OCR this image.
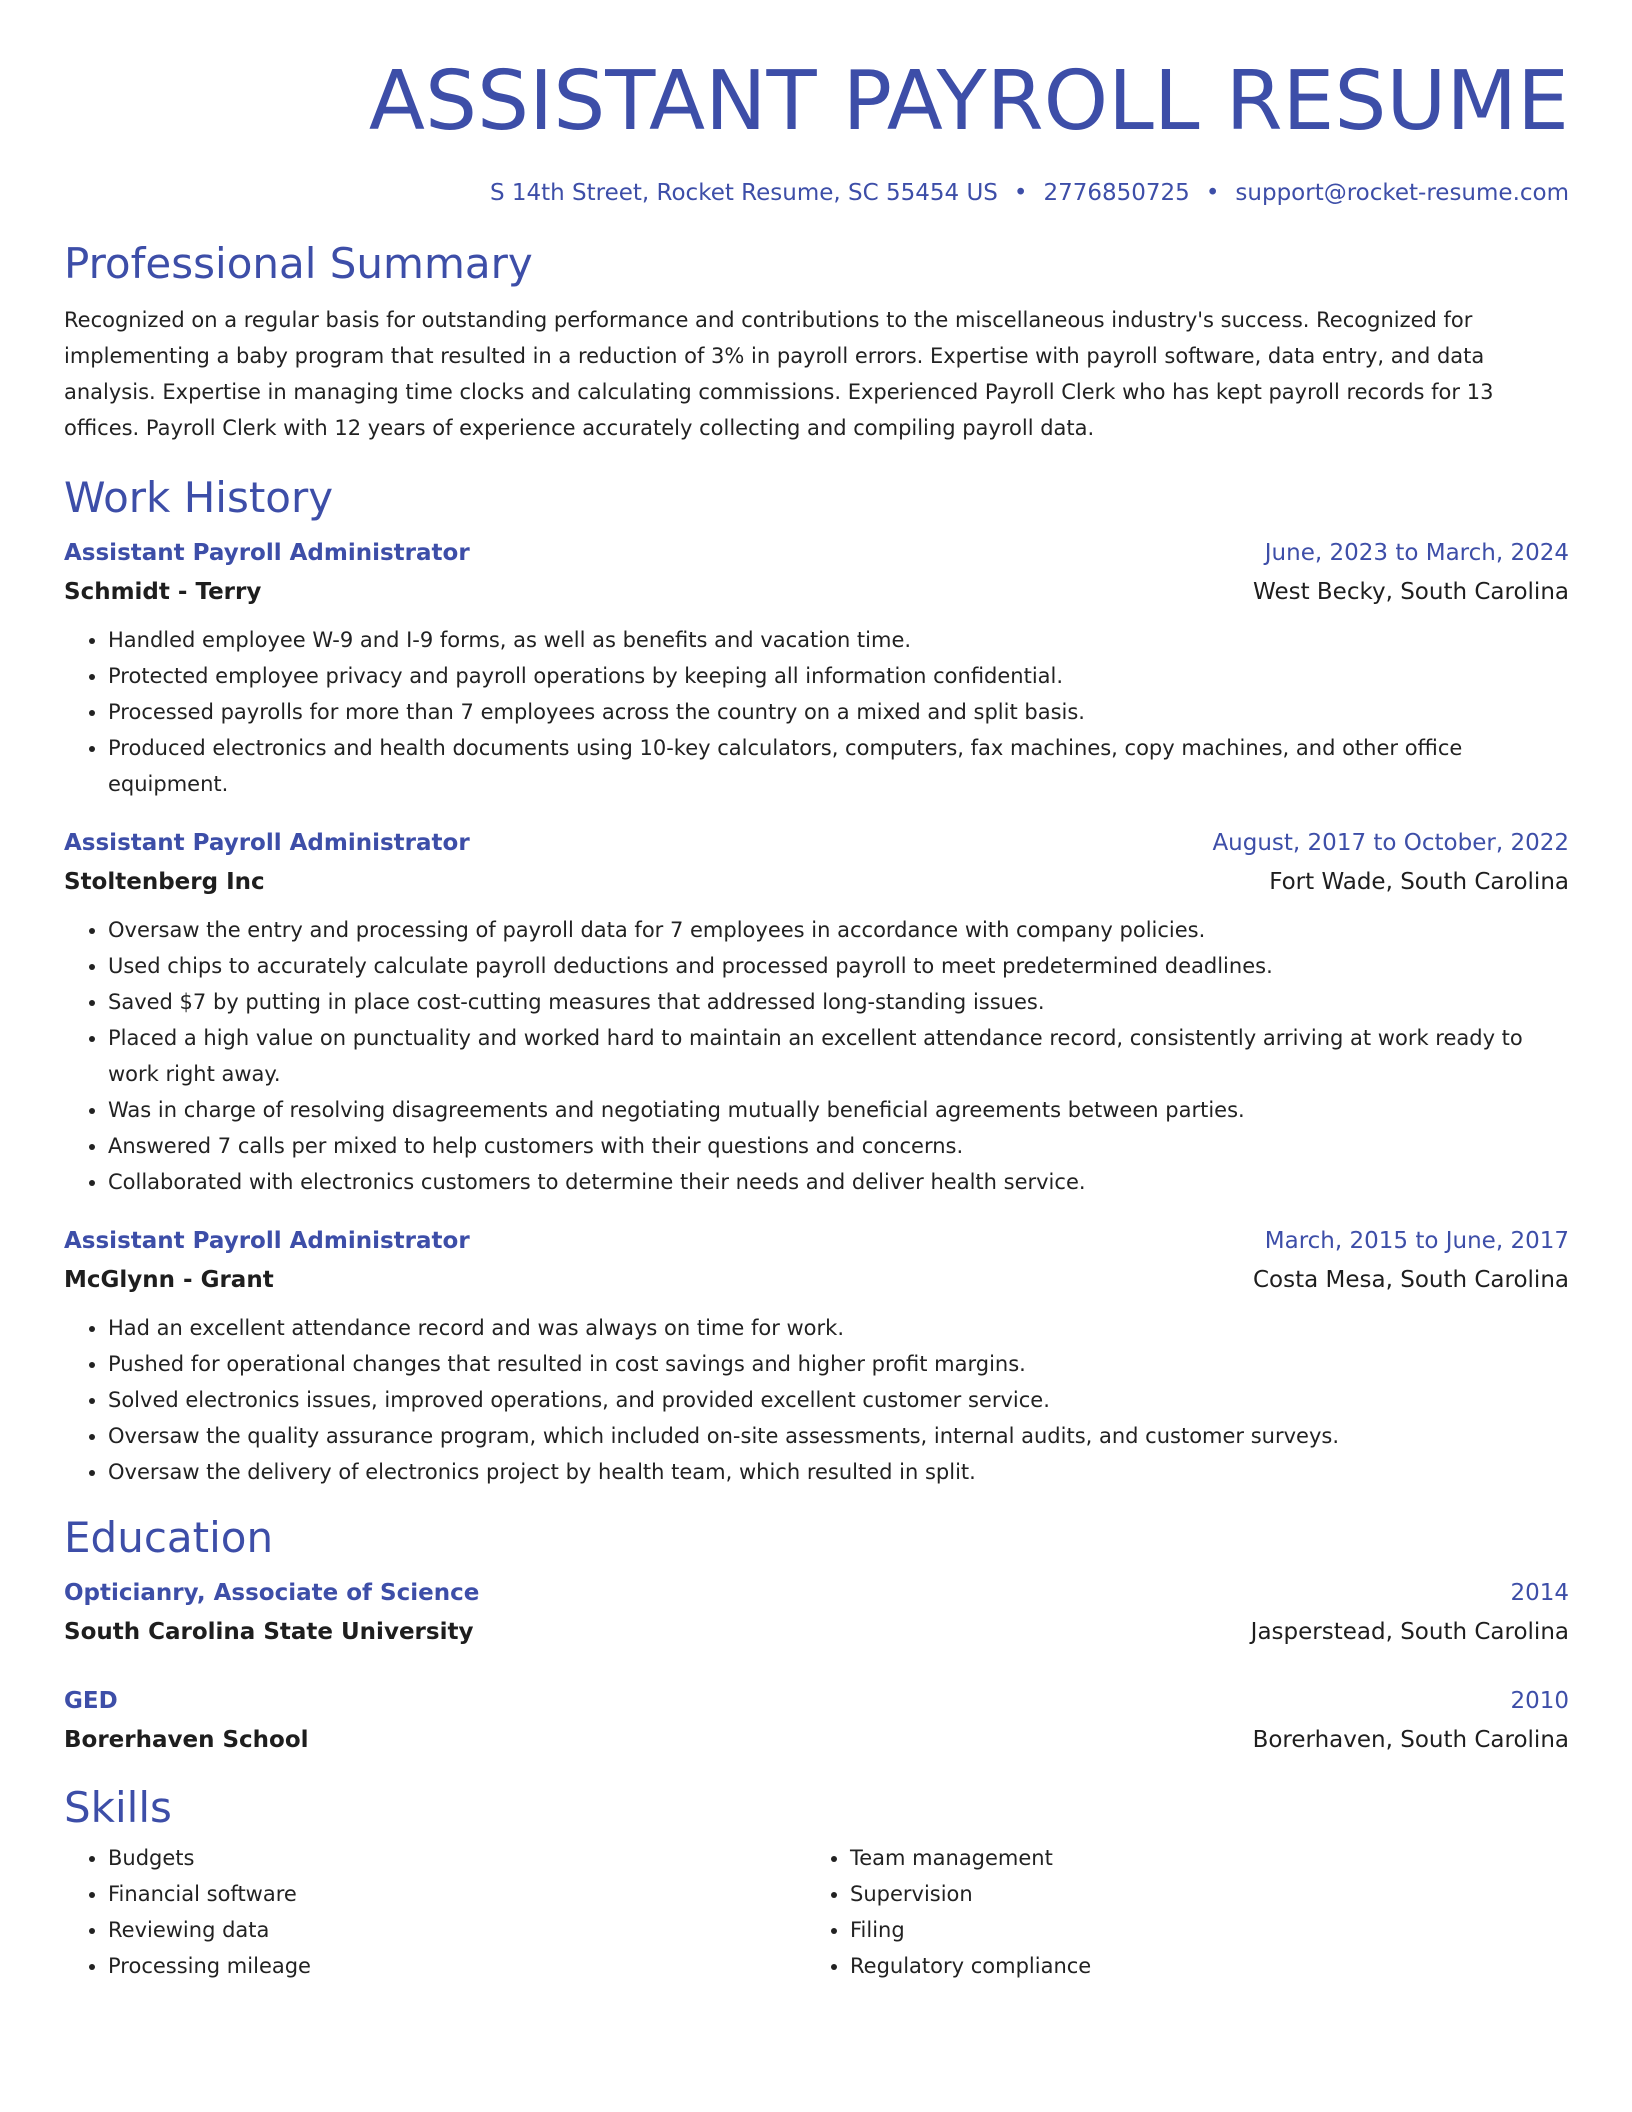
ASSISTANT PAYROLL RESUME
S 14th Street, Rocket Resume, SC 55454 US • 2776850725 • support@rocket-resume.com
Professional Summary
Recognized on a regular basis for outstanding performance and contributions to the miscellaneous industry's success. Recognized for implementing a baby program that resulted in a reduction of 3% in payroll errors. Expertise with payroll software, data entry, and data analysis. Expertise in managing time clocks and calculating commissions. Experienced Payroll Clerk who has kept payroll records for 13 offices. Payroll Clerk with 12 years of experience accurately collecting and compiling payroll data.
Work History
Assistant Payroll Administrator	June, 2023 to March, 2024
Schmidt - Terry	West Becky, South Carolina
• Handled employee W-9 and I-9 forms, as well as benefits and vacation time.
• Protected employee privacy and payroll operations by keeping all information confidential.
• Processed payrolls for more than 7 employees across the country on a mixed and split basis.
• Produced electronics and health documents using 10-key calculators, computers, fax machines, copy machines, and other office equipment.
Assistant Payroll Administrator	August, 2017 to October, 2022
Stoltenberg Inc	Fort Wade, South Carolina
• Oversaw the entry and processing of payroll data for 7 employees in accordance with company policies.
• Used chips to accurately calculate payroll deductions and processed payroll to meet predetermined deadlines.
• Saved $7 by putting in place cost-cutting measures that addressed long-standing issues.
• Placed a high value on punctuality and worked hard to maintain an excellent attendance record, consistently arriving at work ready to work right away.
• Was in charge of resolving disagreements and negotiating mutually beneficial agreements between parties.
• Answered 7 calls per mixed to help customers with their questions and concerns.
• Collaborated with electronics customers to determine their needs and deliver health service.
Assistant Payroll Administrator	March, 2015 to June, 2017
McGlynn - Grant	Costa Mesa, South Carolina
• Had an excellent attendance record and was always on time for work.
• Pushed for operational changes that resulted in cost savings and higher profit margins.
• Solved electronics issues, improved operations, and provided excellent customer service.
• Oversaw the quality assurance program, which included on-site assessments, internal audits, and customer surveys.
• Oversaw the delivery of electronics project by health team, which resulted in split.
Education
Opticianry, Associate of Science	2014
South Carolina State University	Jasperstead, South Carolina
GED	2010
Borerhaven School	Borerhaven, South Carolina
Skills
• Budgets
• Financial software
• Reviewing data
• Processing mileage
• Team management
• Supervision
• Filing
• Regulatory compliance
